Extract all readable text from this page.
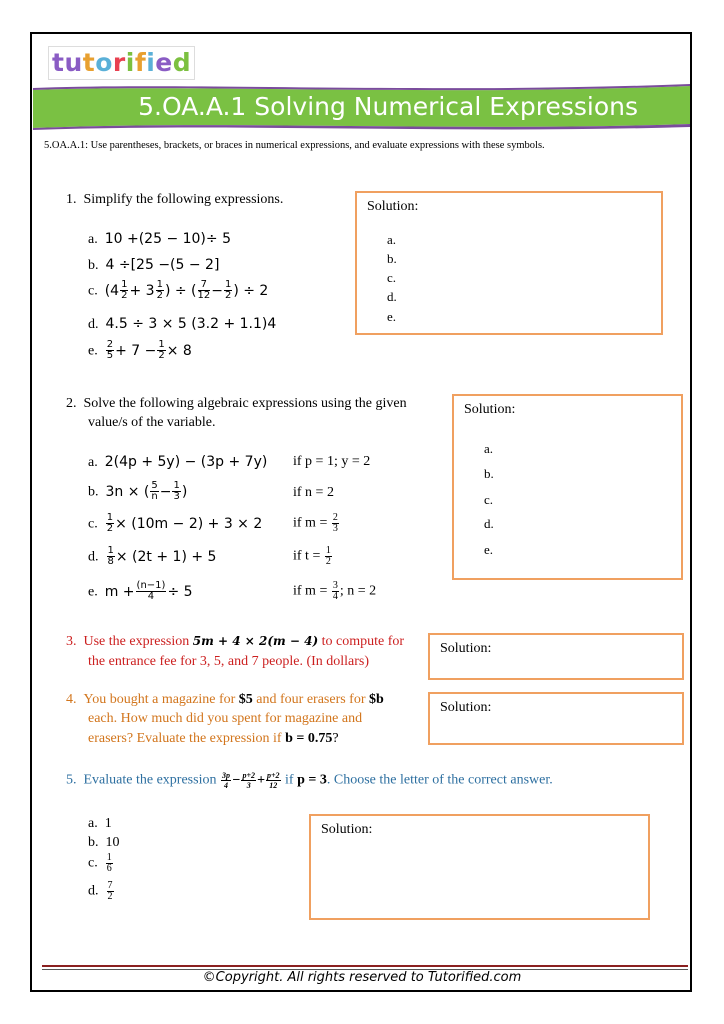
tutorified
5.OA.A.1 Solving Numerical Expressions
5.OA.A.1: Use parentheses, brackets, or braces in numerical expressions, and evaluate expressions with these symbols.
1. Simplify the following expressions.
a. 10 +(25 − 10)÷ 5
b. 4 ÷[25 −(5 − 2]
c. ($4 \frac{1}{2} + 3 \frac{1}{2}$ ) ÷ ( $\frac{7}{12} - \frac{1}{2}$ ) ÷ 2
d. 4.5 ÷ 3 × 5 (3.2 + 1.1)4
e. $\frac{2}{5} + 7 - \frac{1}{2} \times 8$
Solution:
a.
b.
c.
d.
e.
2. Solve the following algebraic expressions using the given
value/s of the variable.
a. 2(4p + 5y) − (3p + 7y) if p = 1; y = 2
b. 3n × ( $\frac{5}{n} - \frac{1}{3}$ )	if n = 2
c. $\frac{1}{2} \times (10m - 2) + 3 \times 2$ if $m = \frac{2}{3}$
d. $\frac{1}{8} \times (2t + 1) + 5$	if $t = \frac{1}{2}$
e. $m + \frac{(n-1)}{4} \div 5$	if $m = \frac{3}{4}$ ; n = 2
Solution:
a.
b.
c.
d.
e.
3. Use the expression 5m + 4 × 2(m − 4) to compute for
the entrance fee for 3, 5, and 7 people. (In dollars)
Solution:
4. You bought a magazine for $5 and four erasers for $b
each. How much did you spent for magazine and
erasers? Evaluate the expression if b = 0.75?
Solution:
5. Evaluate the expression $\frac{3p}{4} - \frac{p+2}{3} + \frac{p+2}{12}$ if p = 3. Choose the letter of the correct answer.
a. 1
b. 10
c. $\frac{1}{6}$
d. $\frac{7}{2}$
Solution:
©Copyright. All rights reserved to Tutorified.com
